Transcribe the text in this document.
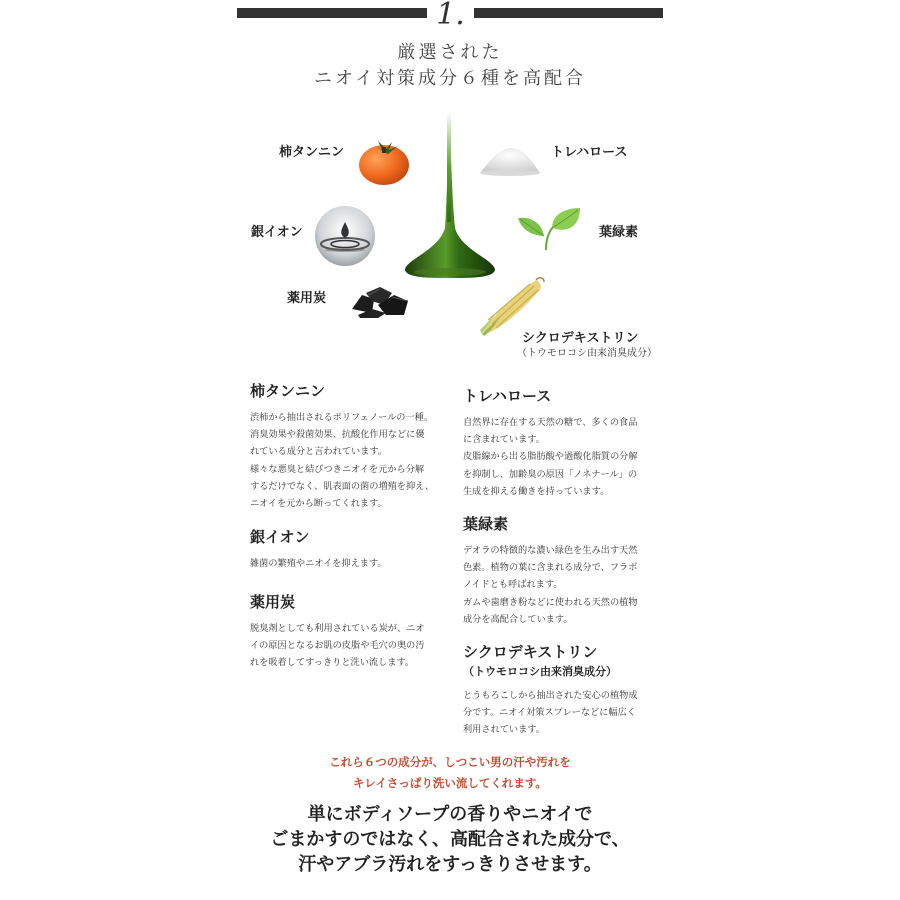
1.
厳選された
ニオイ対策成分６種を高配合
柿タンニン	トレハロース
銀イオン	葉緑素
薬用炭
シクロデキストリン
（トウモロコシ由来消臭成分）
柿タンニン
渋柿から抽出されるポリフェノールの一種。
消臭効果や殺菌効果、抗酸化作用などに優
れている成分と言われています。
様々な悪臭と結びつきニオイを元から分解
するだけでなく、肌表面の菌の増殖を抑え、
ニオイを元から断ってくれます。
銀イオン
雑菌の繁殖やニオイを抑えます。
薬用炭
脱臭剤としても利用されている炭が、ニオ
イの原因となるお肌の皮脂や毛穴の奥の汚
れを吸着してすっきりと洗い流します。
トレハロース
自然界に存在する天然の糖で、多くの食品
に含まれています。
皮脂線から出る脂肪酸や過酸化脂質の分解
を抑制し、加齢臭の原因「ノネナール」の
生成を抑える働きを持っています。
葉緑素
デオラの特徴的な濃い緑色を生み出す天然
色素。植物の葉に含まれる成分で、フラボ
ノイドとも呼ばれます。
ガムや歯磨き粉などに使われる天然の植物
成分を高配合しています。
シクロデキストリン
（トウモロコシ由来消臭成分）
とうもろこしから抽出された安心の植物成
分です。ニオイ対策スプレーなどに幅広く
利用されています。
これら６つの成分が、しつこい男の汗や汚れを
キレイさっぱり洗い流してくれます。
単にボディソープの香りやニオイで
ごまかすのではなく、高配合された成分で、
汗やアブラ汚れをすっきりさせます。
